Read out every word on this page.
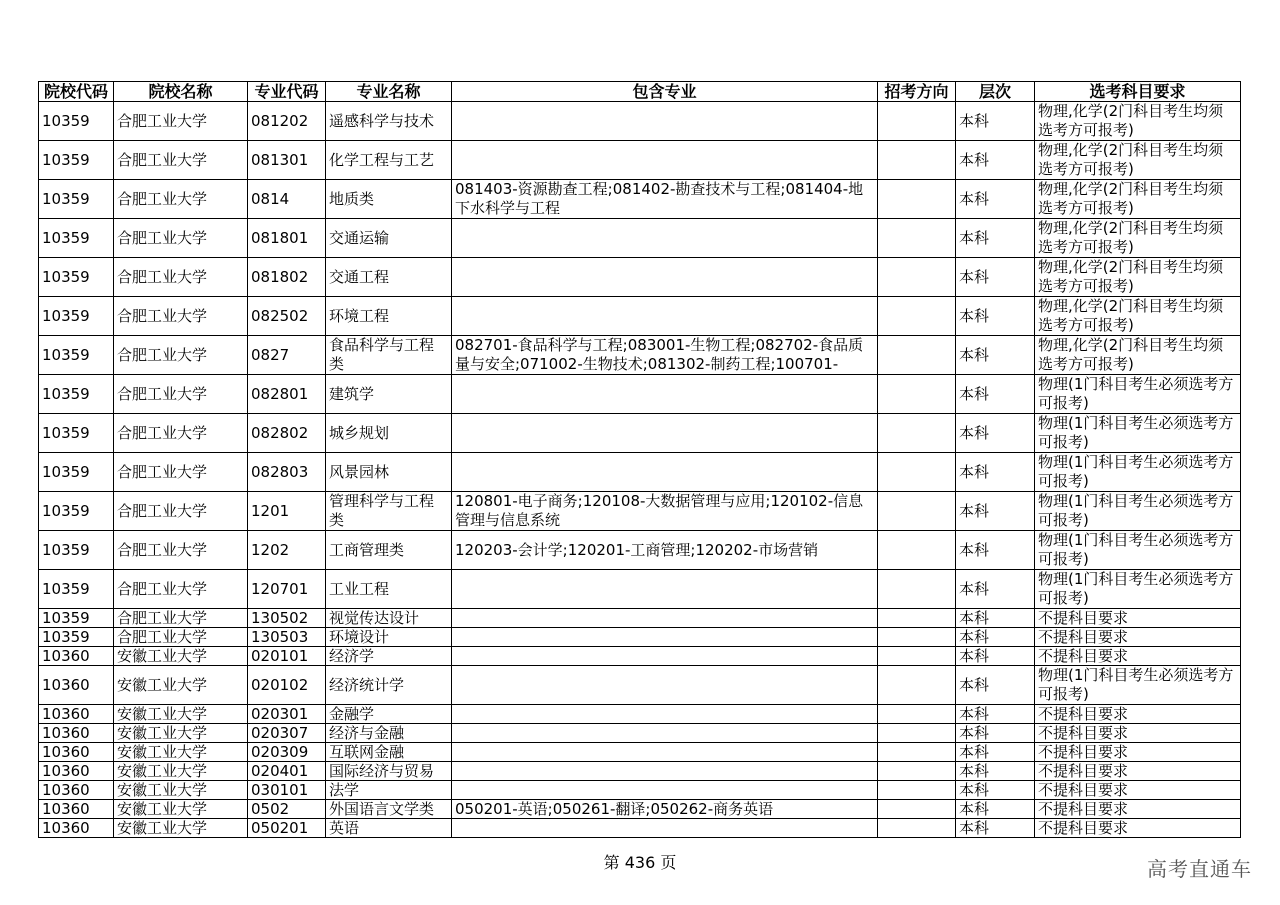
院校代码	院校名称	专业代码	专业名称	包含专业	招考方向	层次	选考科目要求
10359	合肥工业大学	081202	遥感科学与技术			本科	物理,化学(2门科目考生均须选考方可报考)
10359	合肥工业大学	081301	化学工程与工艺			本科	物理,化学(2门科目考生均须选考方可报考)
10359	合肥工业大学	0814	地质类	081403-资源勘查工程;081402-勘查技术与工程;081404-地下水科学与工程		本科	物理,化学(2门科目考生均须选考方可报考)
10359	合肥工业大学	081801	交通运输			本科	物理,化学(2门科目考生均须选考方可报考)
10359	合肥工业大学	081802	交通工程			本科	物理,化学(2门科目考生均须选考方可报考)
10359	合肥工业大学	082502	环境工程			本科	物理,化学(2门科目考生均须选考方可报考)
10359	合肥工业大学	0827	食品科学与工程类	082701-食品科学与工程;083001-生物工程;082702-食品质量与安全;071002-生物技术;081302-制药工程;100701-		本科	物理,化学(2门科目考生均须选考方可报考)
10359	合肥工业大学	082801	建筑学			本科	物理(1门科目考生必须选考方可报考)
10359	合肥工业大学	082802	城乡规划			本科	物理(1门科目考生必须选考方可报考)
10359	合肥工业大学	082803	风景园林			本科	物理(1门科目考生必须选考方可报考)
10359	合肥工业大学	1201	管理科学与工程类	120801-电子商务;120108-大数据管理与应用;120102-信息管理与信息系统		本科	物理(1门科目考生必须选考方可报考)
10359	合肥工业大学	1202	工商管理类	120203-会计学;120201-工商管理;120202-市场营销		本科	物理(1门科目考生必须选考方可报考)
10359	合肥工业大学	120701	工业工程			本科	物理(1门科目考生必须选考方可报考)
10359	合肥工业大学	130502	视觉传达设计			本科	不提科目要求
10359	合肥工业大学	130503	环境设计			本科	不提科目要求
10360	安徽工业大学	020101	经济学			本科	不提科目要求
10360	安徽工业大学	020102	经济统计学			本科	物理(1门科目考生必须选考方可报考)
10360	安徽工业大学	020301	金融学			本科	不提科目要求
10360	安徽工业大学	020307	经济与金融			本科	不提科目要求
10360	安徽工业大学	020309	互联网金融			本科	不提科目要求
10360	安徽工业大学	020401	国际经济与贸易			本科	不提科目要求
10360	安徽工业大学	030101	法学			本科	不提科目要求
10360	安徽工业大学	0502	外国语言文学类	050201-英语;050261-翻译;050262-商务英语		本科	不提科目要求
10360	安徽工业大学	050201	英语			本科	不提科目要求
第 436 页	高考直通车
